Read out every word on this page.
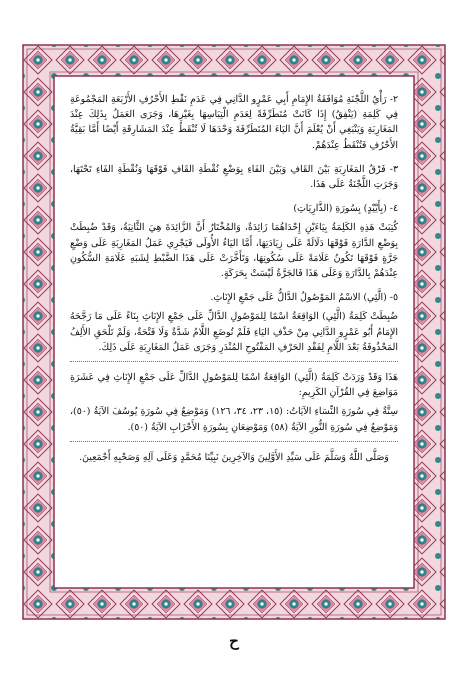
٢- رَأْيُ اللَّجْنَةِ مُوَافَقَةُ الإِمَامِ أَبِي عَمْرٍو الدَّانِي فِي عَدَمِ نَقْطِ الأَحْرُفِ الأَرْبَعَةِ المَجْمُوعَةِ فِي كَلِمَةِ (يَنْفِقُ) إِذَا كَانَتْ مُتَطَرِّفَةً لِعَدَمِ الْتِبَاسِهَا بِغَيْرِهَا، وَجَرَى العَمَلُ بِذَلِكَ عِنْدَ المَغَارِبَةِ وَيَنْبَغِي أَنْ يُعْلَمَ أَنَّ اليَاءَ المُتَطَرِّفَةَ وَحْدَهَا لَا تُنْقَطُ عِنْدَ المَشَارِقَةِ أَيْضًا أَمَّا بَقِيَّةُ الأَحْرُفِ فَتُنْقَطُ عِنْدَهُمْ.

٣- فَرْقُ المَغَارِبَةِ بَيْنَ القَافِ وَبَيْنَ الفَاءِ بِوَضْعِ نُقْطَةِ القَافِ فَوْقَهَا وَنُقْطَةِ الفَاءِ تَحْتَهَا، وَجَرَتِ اللَّجْنَةُ عَلَى هَذَا.

٤- (بِأَيْيْدٍ) بِسُورَةِ (الذَّارِيَاتِ)

كُتِبَتْ هَذِهِ الكَلِمَةُ بِيَاءَيْنِ إِحْدَاهُمَا زَائِدَةٌ، وَالمُخْتَارُ أَنَّ الزَّائِدَةَ هِيَ الثَّانِيَةُ، وَقَدْ ضُبِطَتْ بِوَضْعِ الدَّارَةِ فَوْقَهَا دَلَالَةً عَلَى زِيَادَتِهَا، أَمَّا اليَاءُ الأُولَى فَيَجْرِي عَمَلُ المَغَارِبَةِ عَلَى وَضْعِ جَرَّةٍ فَوْقَهَا تَكُونُ عَلَامَةً عَلَى سُكُونِهَا، وَتَأَخَّرَتْ عَلَى هَذَا الضَّبْطِ لِشَبَهِ عَلَامَةِ السُّكُونِ عِنْدَهُمْ بِالدَّارَةِ وَعَلَى هَذَا فَالجَرَّةُ لَيْسَتْ بِحَرَكَةٍ.

٥- (الَّئِي) الاسْمُ المَوْصُولُ الدَّالُّ عَلَى جَمْعِ الإِنَاثِ.

ضُبِطَتْ كَلِمَةُ (الَّئِي) الوَاقِعَةُ اسْمًا لِلمَوْصُولِ الدَّالِّ عَلَى جَمْعِ الإِنَاثِ بِنَاءً عَلَى مَا رَجَّحَهُ الإِمَامُ أَبُو عَمْرٍو الدَّانِي مِنْ حَذْفِ اليَاءِ فَلَمْ تُوضَعِ اللَّامُ شَدَّةٌ وَلَا فَتْحَةٌ، وَلَمْ تَلْحَقِ الأَلِفُ المَحْذُوفَةُ بَعْدَ اللَّامِ لِفَقْدِ الحَرْفِ المَفْتُوحِ المُنْدَرِ وَجَرَى عَمَلُ المَغَارِبَةِ عَلَى ذَلِكَ.

هَذَا وَقَدْ وَرَدَتْ كَلِمَةُ (الَّئِي) الوَاقِعَةُ اسْمًا لِلمَوْصُولِ الدَّالِّ عَلَى جَمْعِ الإِنَاثِ فِي عَشَرَةِ مَوَاضِعَ فِي القُرْآنِ الكَرِيمِ:

سِتَّةٌ فِي سُورَةِ النِّسَاءِ الآيَاتُ: (١٥، ٢٣، ٣٤، ١٢٦) وَمَوْضِعٌ فِي سُورَةِ يُوسُفَ الآيَةُ (٥٠)، وَمَوْضِعٌ فِي سُورَةِ النُّورِ الآيَةُ (٥٨) وَمَوْضِعَانِ بِسُورَةِ الأَحْزَابِ الآيَةُ (٥٠).

وَصَلَّى اللَّهُ وَسَلَّمَ عَلَى سَيِّدِ الأَوَّلِينَ وَالآخِرِينَ نَبِيِّنَا مُحَمَّدٍ وَعَلَى آلِهِ وَصَحْبِهِ أَجْمَعِينَ.

ح
